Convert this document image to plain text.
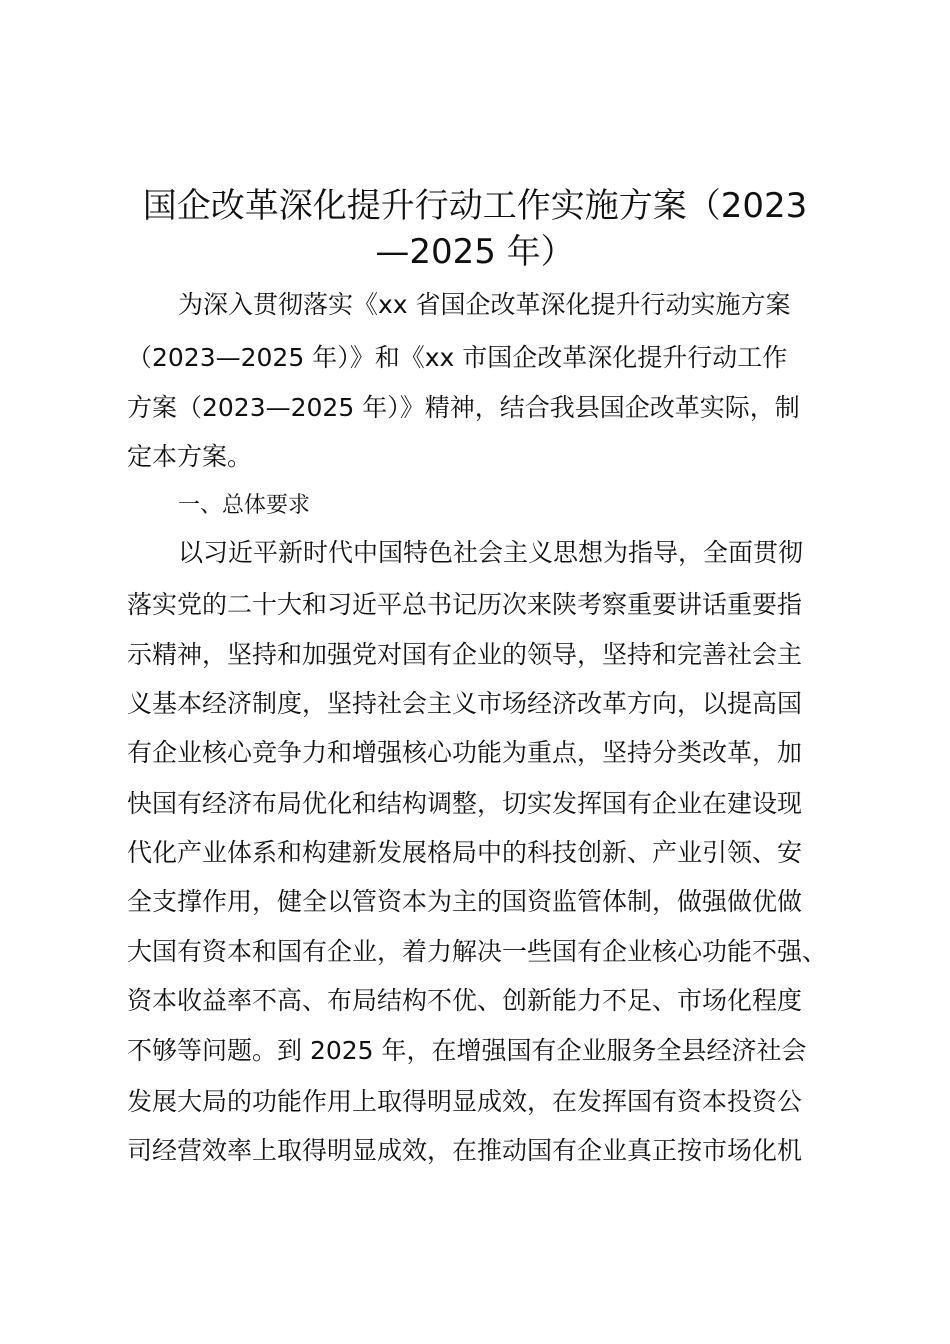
国企改革深化提升行动工作实施方案（2023
—2025 年）
为深入贯彻落实《xx 省国企改革深化提升行动实施方案
（2023—2025 年）》和《xx 市国企改革深化提升行动工作
方案（2023—2025 年）》精神，结合我县国企改革实际，制
定本方案。
一、总体要求
以习近平新时代中国特色社会主义思想为指导，全面贯彻
落实党的二十大和习近平总书记历次来陕考察重要讲话重要指
示精神，坚持和加强党对国有企业的领导，坚持和完善社会主
义基本经济制度，坚持社会主义市场经济改革方向，以提高国
有企业核心竞争力和增强核心功能为重点，坚持分类改革，加
快国有经济布局优化和结构调整，切实发挥国有企业在建设现
代化产业体系和构建新发展格局中的科技创新、产业引领、安
全支撑作用，健全以管资本为主的国资监管体制，做强做优做
大国有资本和国有企业，着力解决一些国有企业核心功能不强、
资本收益率不高、布局结构不优、创新能力不足、市场化程度
不够等问题。到 2025 年，在增强国有企业服务全县经济社会
发展大局的功能作用上取得明显成效，在发挥国有资本投资公
司经营效率上取得明显成效，在推动国有企业真正按市场化机
